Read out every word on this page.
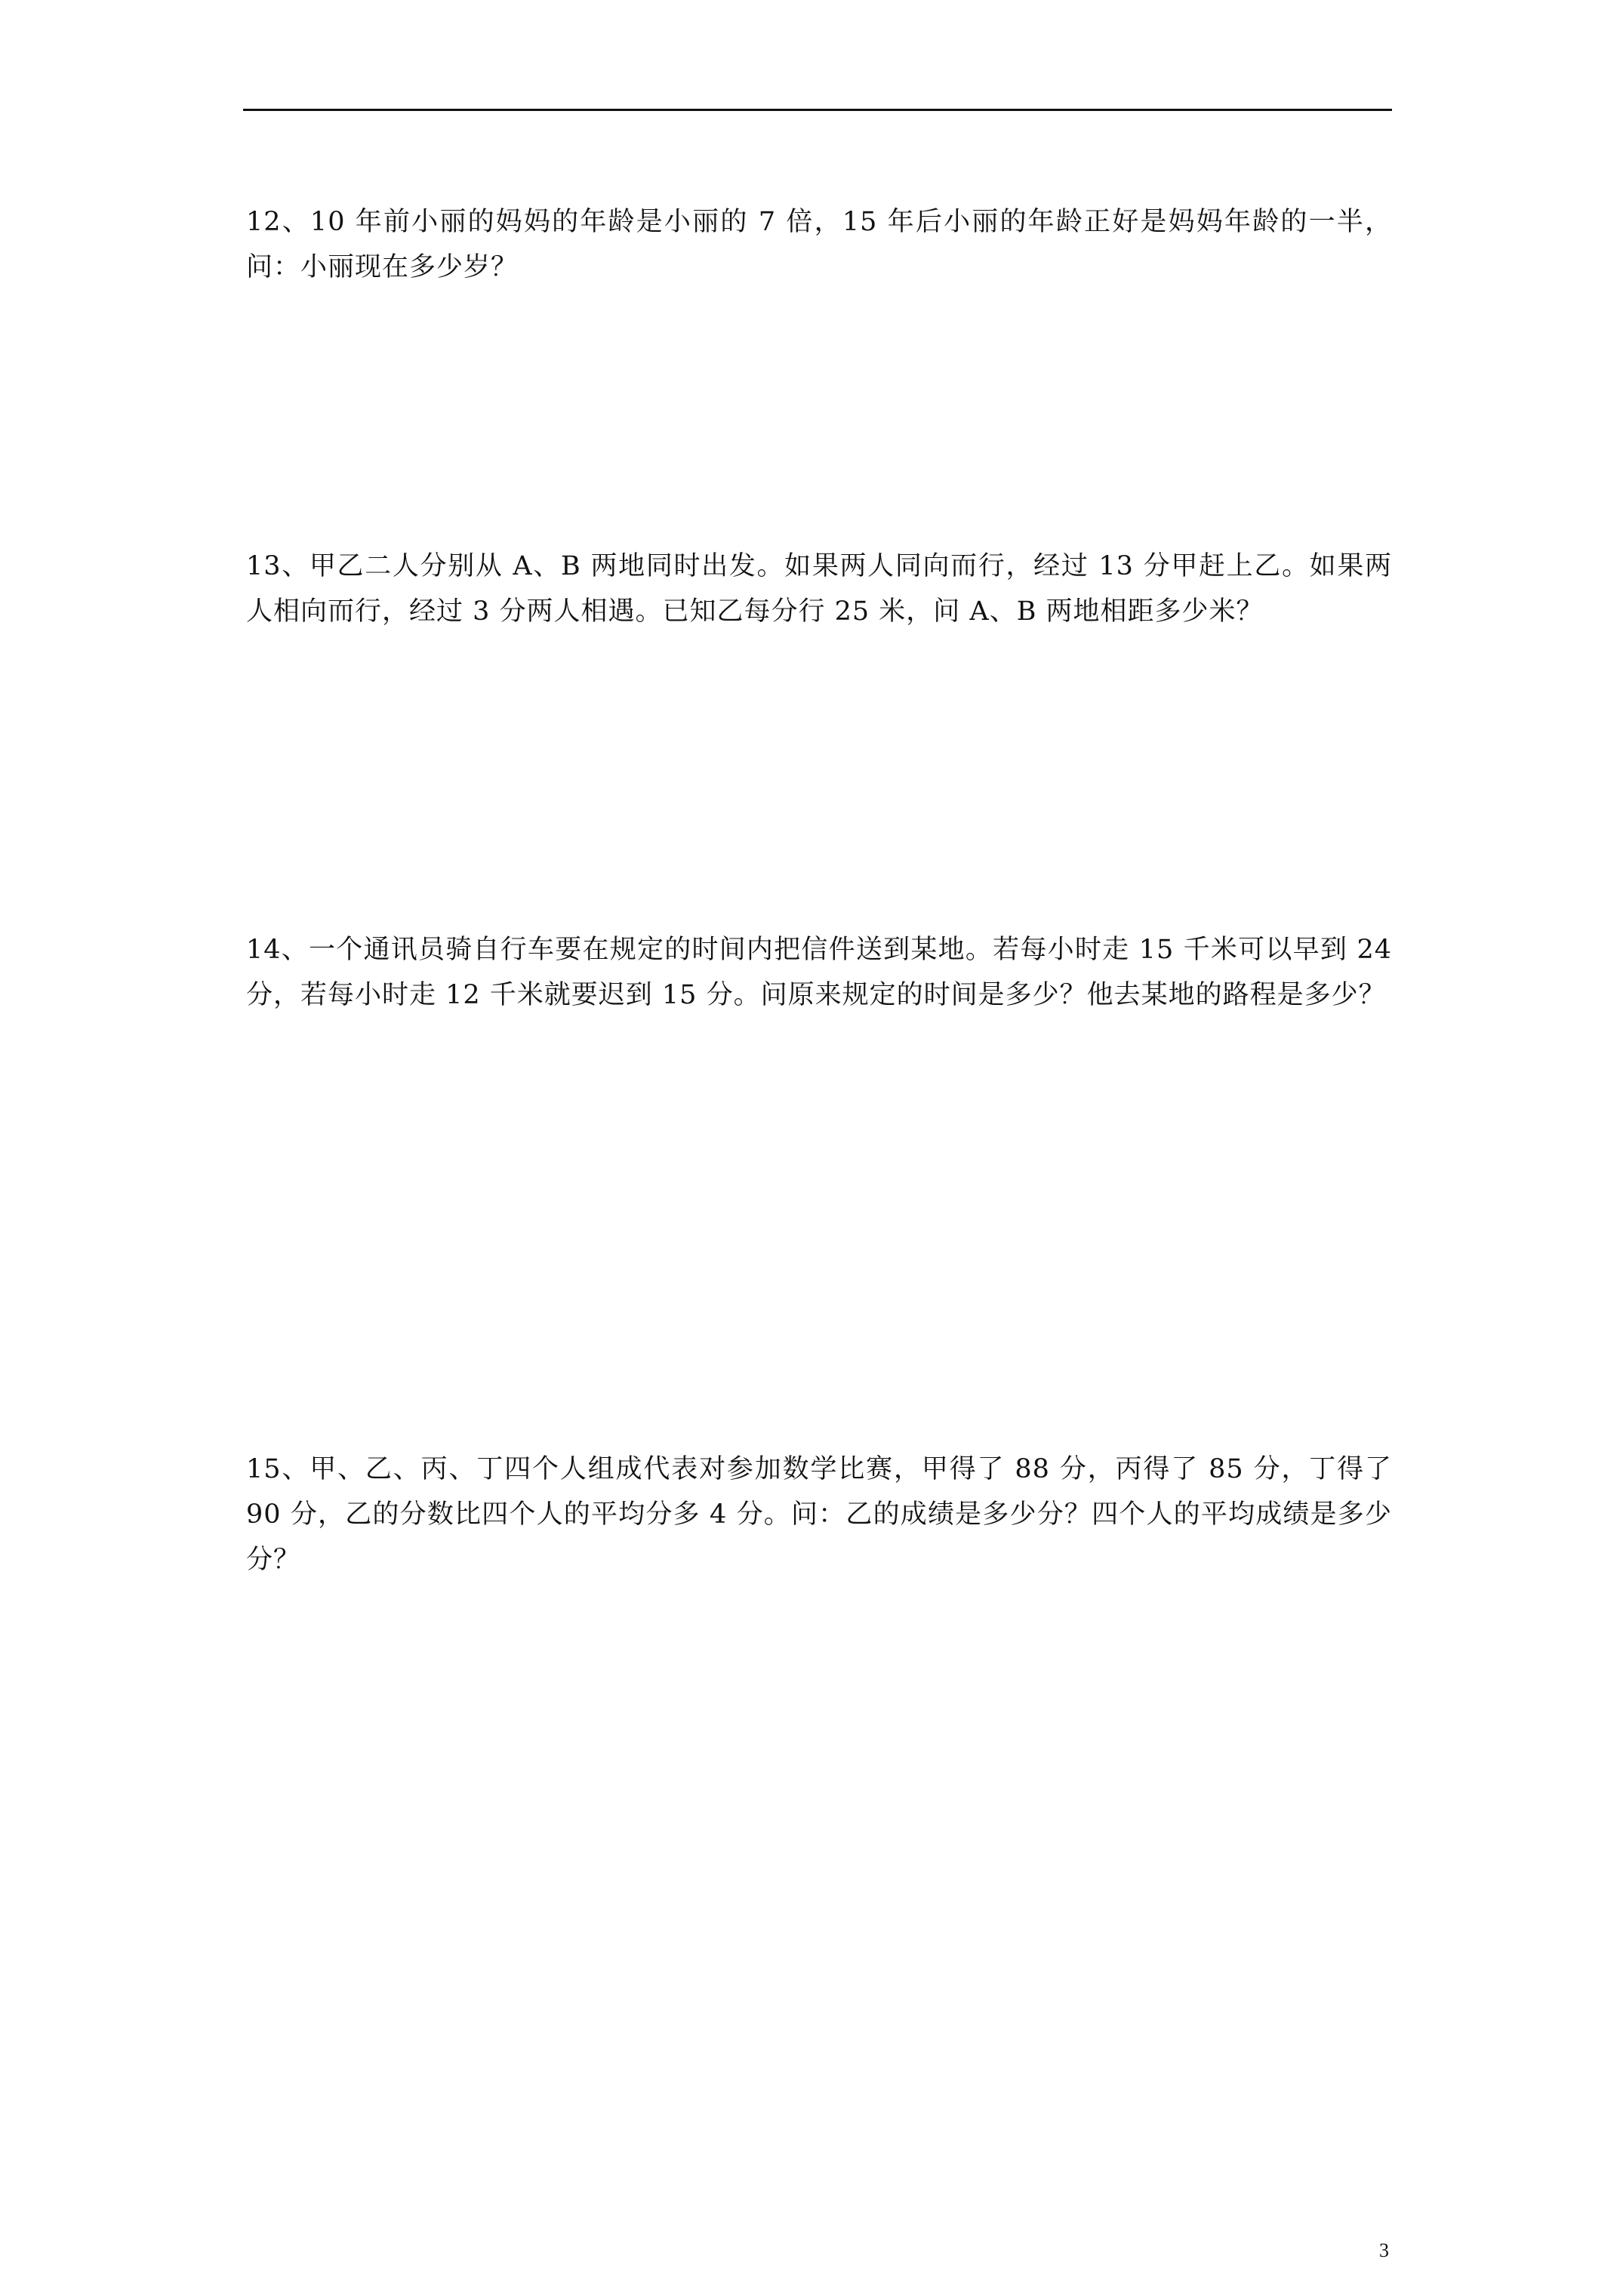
12、10 年前小丽的妈妈的年龄是小丽的 7 倍，15 年后小丽的年龄正好是妈妈年龄的一半，问：小丽现在多少岁？

13、甲乙二人分别从 A、B 两地同时出发。如果两人同向而行，经过 13 分甲赶上乙。如果两人相向而行，经过 3 分两人相遇。已知乙每分行 25 米，问 A、B 两地相距多少米？

14、一个通讯员骑自行车要在规定的时间内把信件送到某地。若每小时走 15 千米可以早到 24 分，若每小时走 12 千米就要迟到 15 分。问原来规定的时间是多少？他去某地的路程是多少？

15、甲、乙、丙、丁四个人组成代表对参加数学比赛，甲得了 88 分，丙得了 85 分，丁得了 90 分，乙的分数比四个人的平均分多 4 分。问：乙的成绩是多少分？四个人的平均成绩是多少分？

3
